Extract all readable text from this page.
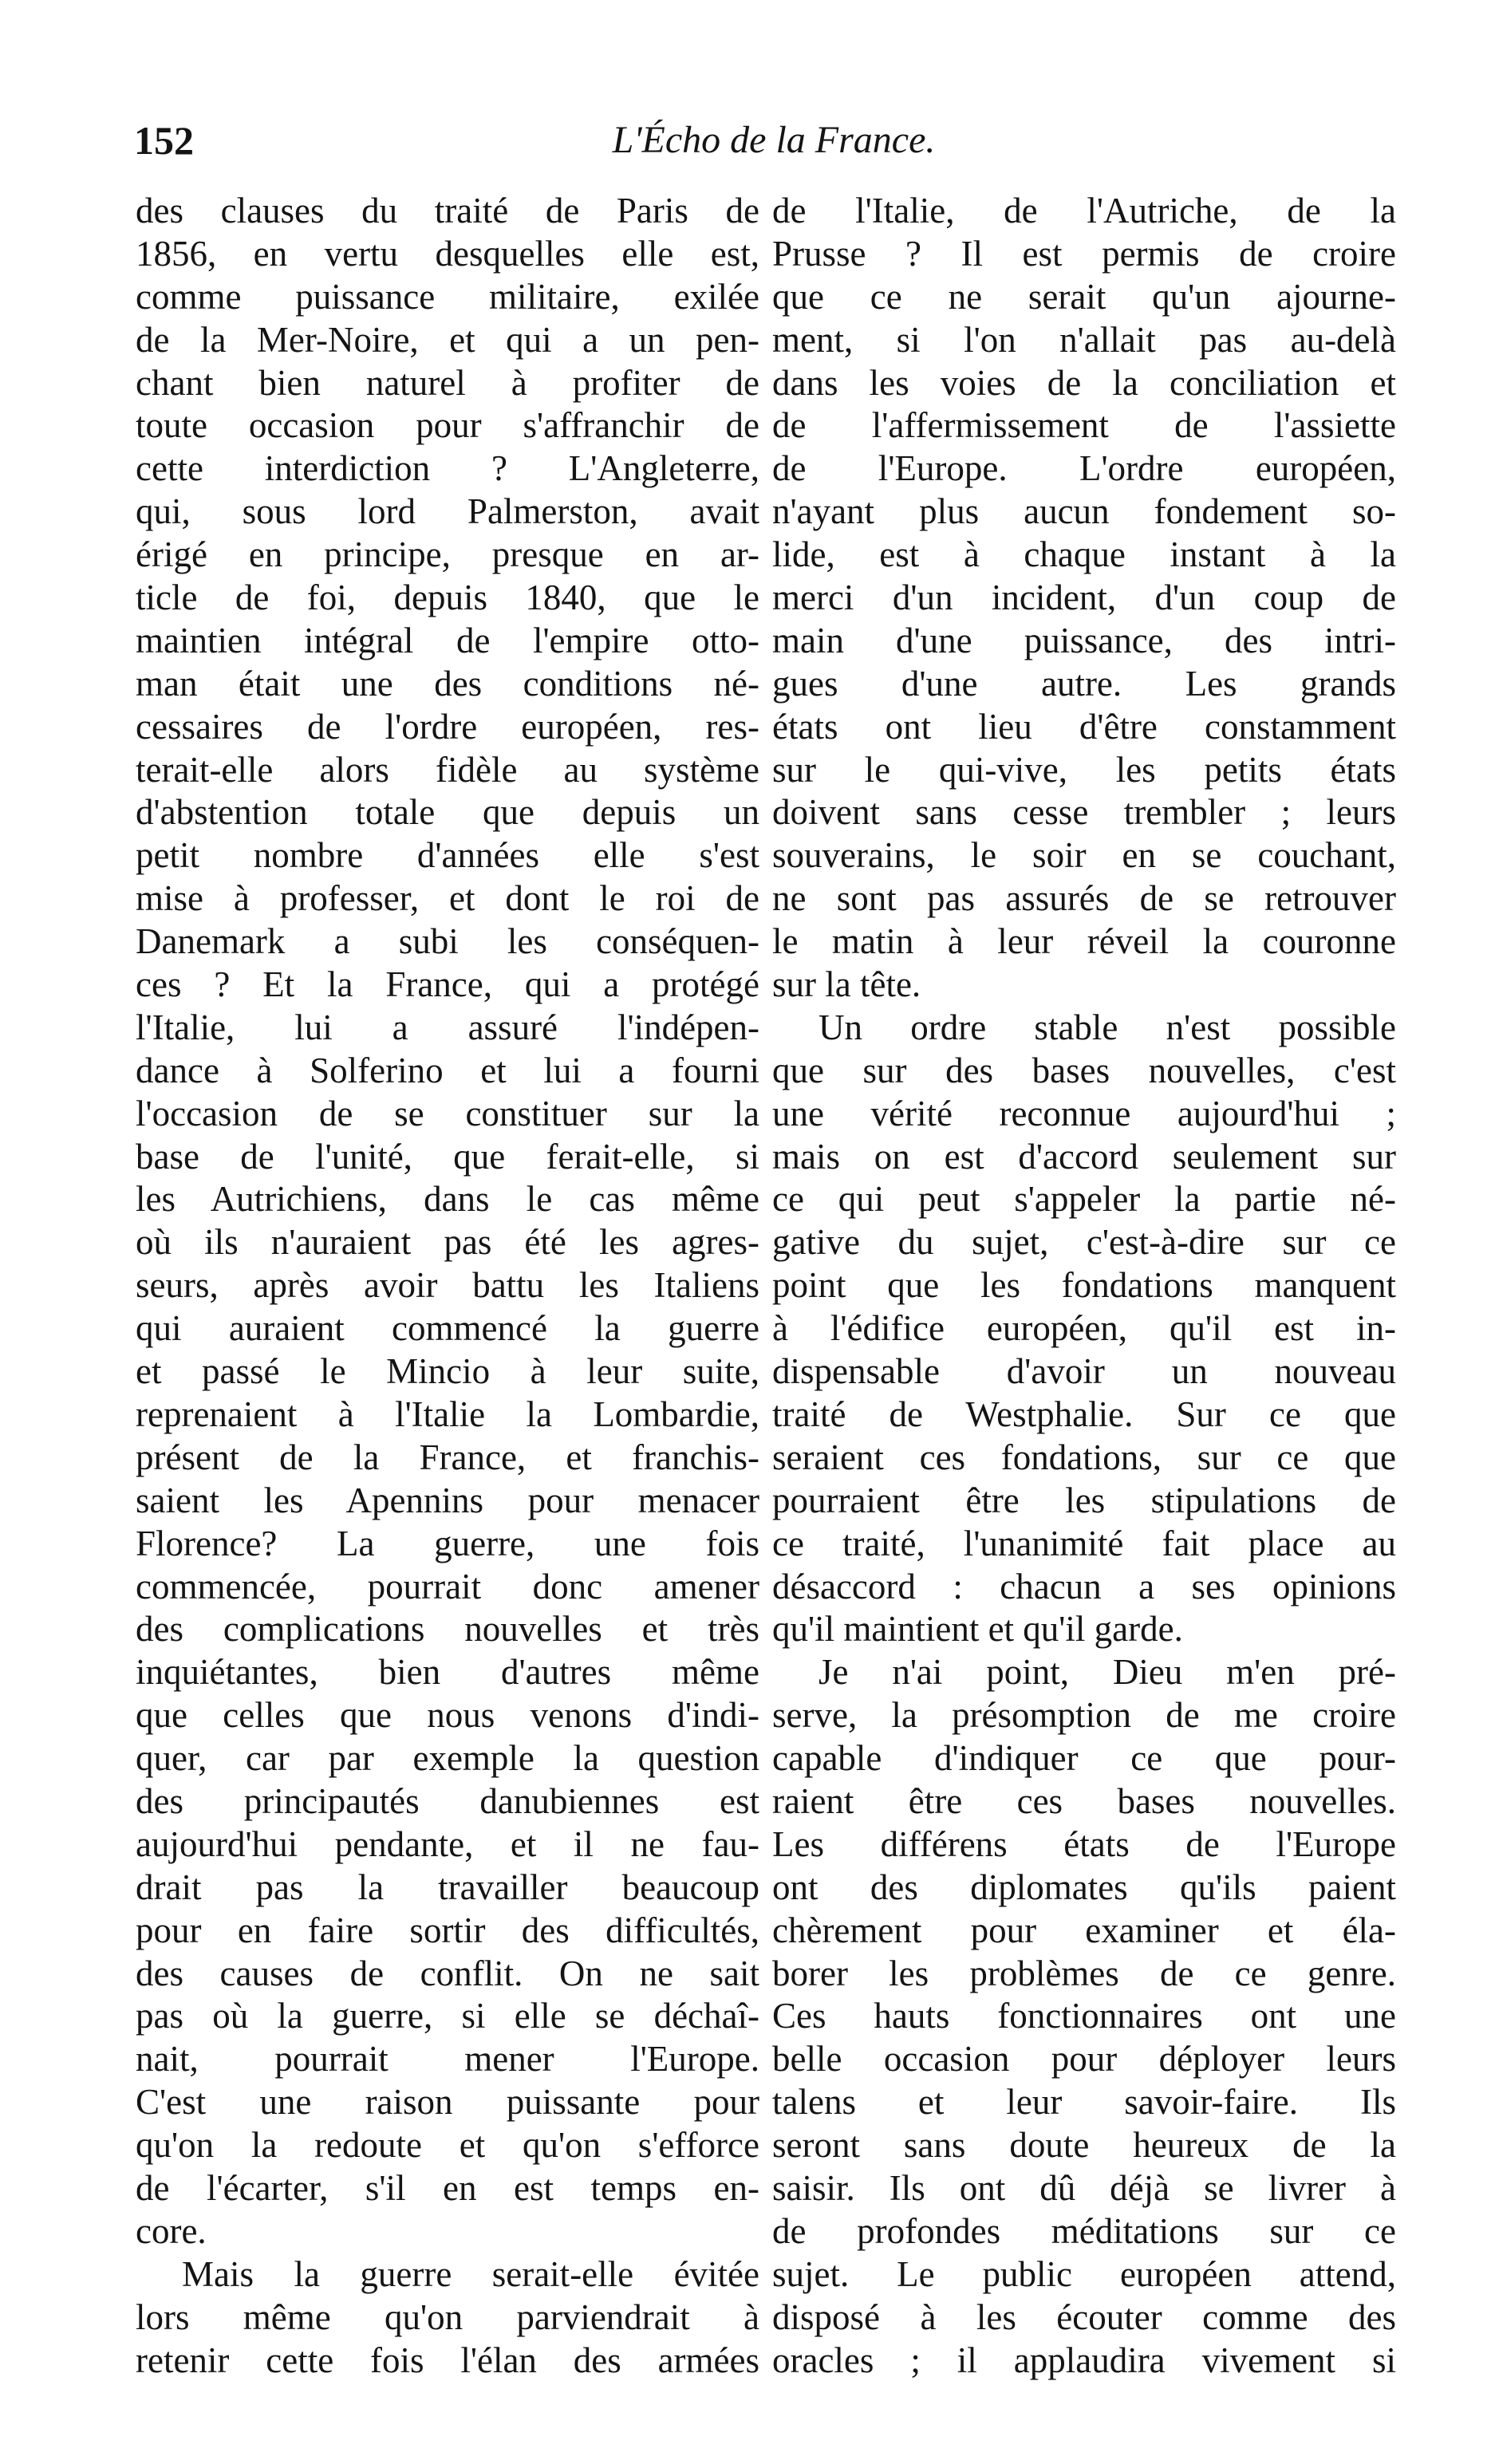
152	L'Écho de la France.
des clauses du traité de Paris de
1856, en vertu desquelles elle est,
comme puissance militaire, exilée
de la Mer-Noire, et qui a un pen-
chant bien naturel à profiter de
toute occasion pour s'affranchir de
cette interdiction ? L'Angleterre,
qui, sous lord Palmerston, avait
érigé en principe, presque en ar-
ticle de foi, depuis 1840, que le
maintien intégral de l'empire otto-
man était une des conditions né-
cessaires de l'ordre européen, res-
terait-elle alors fidèle au système
d'abstention totale que depuis un
petit nombre d'années elle s'est
mise à professer, et dont le roi de
Danemark a subi les conséquen-
ces ? Et la France, qui a protégé
l'Italie, lui a assuré l'indépen-
dance à Solferino et lui a fourni
l'occasion de se constituer sur la
base de l'unité, que ferait-elle, si
les Autrichiens, dans le cas même
où ils n'auraient pas été les agres-
seurs, après avoir battu les Italiens
qui auraient commencé la guerre
et passé le Mincio à leur suite,
reprenaient à l'Italie la Lombardie,
présent de la France, et franchis-
saient les Apennins pour menacer
Florence? La guerre, une fois
commencée, pourrait donc amener
des complications nouvelles et très
inquiétantes, bien d'autres même
que celles que nous venons d'indi-
quer, car par exemple la question
des principautés danubiennes est
aujourd'hui pendante, et il ne fau-
drait pas la travailler beaucoup
pour en faire sortir des difficultés,
des causes de conflit. On ne sait
pas où la guerre, si elle se déchaî-
nait, pourrait mener l'Europe.
C'est une raison puissante pour
qu'on la redoute et qu'on s'efforce
de l'écarter, s'il en est temps en-
core.
Mais la guerre serait-elle évitée
lors même qu'on parviendrait à
retenir cette fois l'élan des armées
de l'Italie, de l'Autriche, de la
Prusse ? Il est permis de croire
que ce ne serait qu'un ajourne-
ment, si l'on n'allait pas au-delà
dans les voies de la conciliation et
de l'affermissement de l'assiette
de l'Europe. L'ordre européen,
n'ayant plus aucun fondement so-
lide, est à chaque instant à la
merci d'un incident, d'un coup de
main d'une puissance, des intri-
gues d'une autre. Les grands
états ont lieu d'être constamment
sur le qui-vive, les petits états
doivent sans cesse trembler ; leurs
souverains, le soir en se couchant,
ne sont pas assurés de se retrouver
le matin à leur réveil la couronne
sur la tête.
Un ordre stable n'est possible
que sur des bases nouvelles, c'est
une vérité reconnue aujourd'hui ;
mais on est d'accord seulement sur
ce qui peut s'appeler la partie né-
gative du sujet, c'est-à-dire sur ce
point que les fondations manquent
à l'édifice européen, qu'il est in-
dispensable d'avoir un nouveau
traité de Westphalie. Sur ce que
seraient ces fondations, sur ce que
pourraient être les stipulations de
ce traité, l'unanimité fait place au
désaccord : chacun a ses opinions
qu'il maintient et qu'il garde.
Je n'ai point, Dieu m'en pré-
serve, la présomption de me croire
capable d'indiquer ce que pour-
raient être ces bases nouvelles.
Les différens états de l'Europe
ont des diplomates qu'ils paient
chèrement pour examiner et éla-
borer les problèmes de ce genre.
Ces hauts fonctionnaires ont une
belle occasion pour déployer leurs
talens et leur savoir-faire. Ils
seront sans doute heureux de la
saisir. Ils ont dû déjà se livrer à
de profondes méditations sur ce
sujet. Le public européen attend,
disposé à les écouter comme des
oracles ; il applaudira vivement si
